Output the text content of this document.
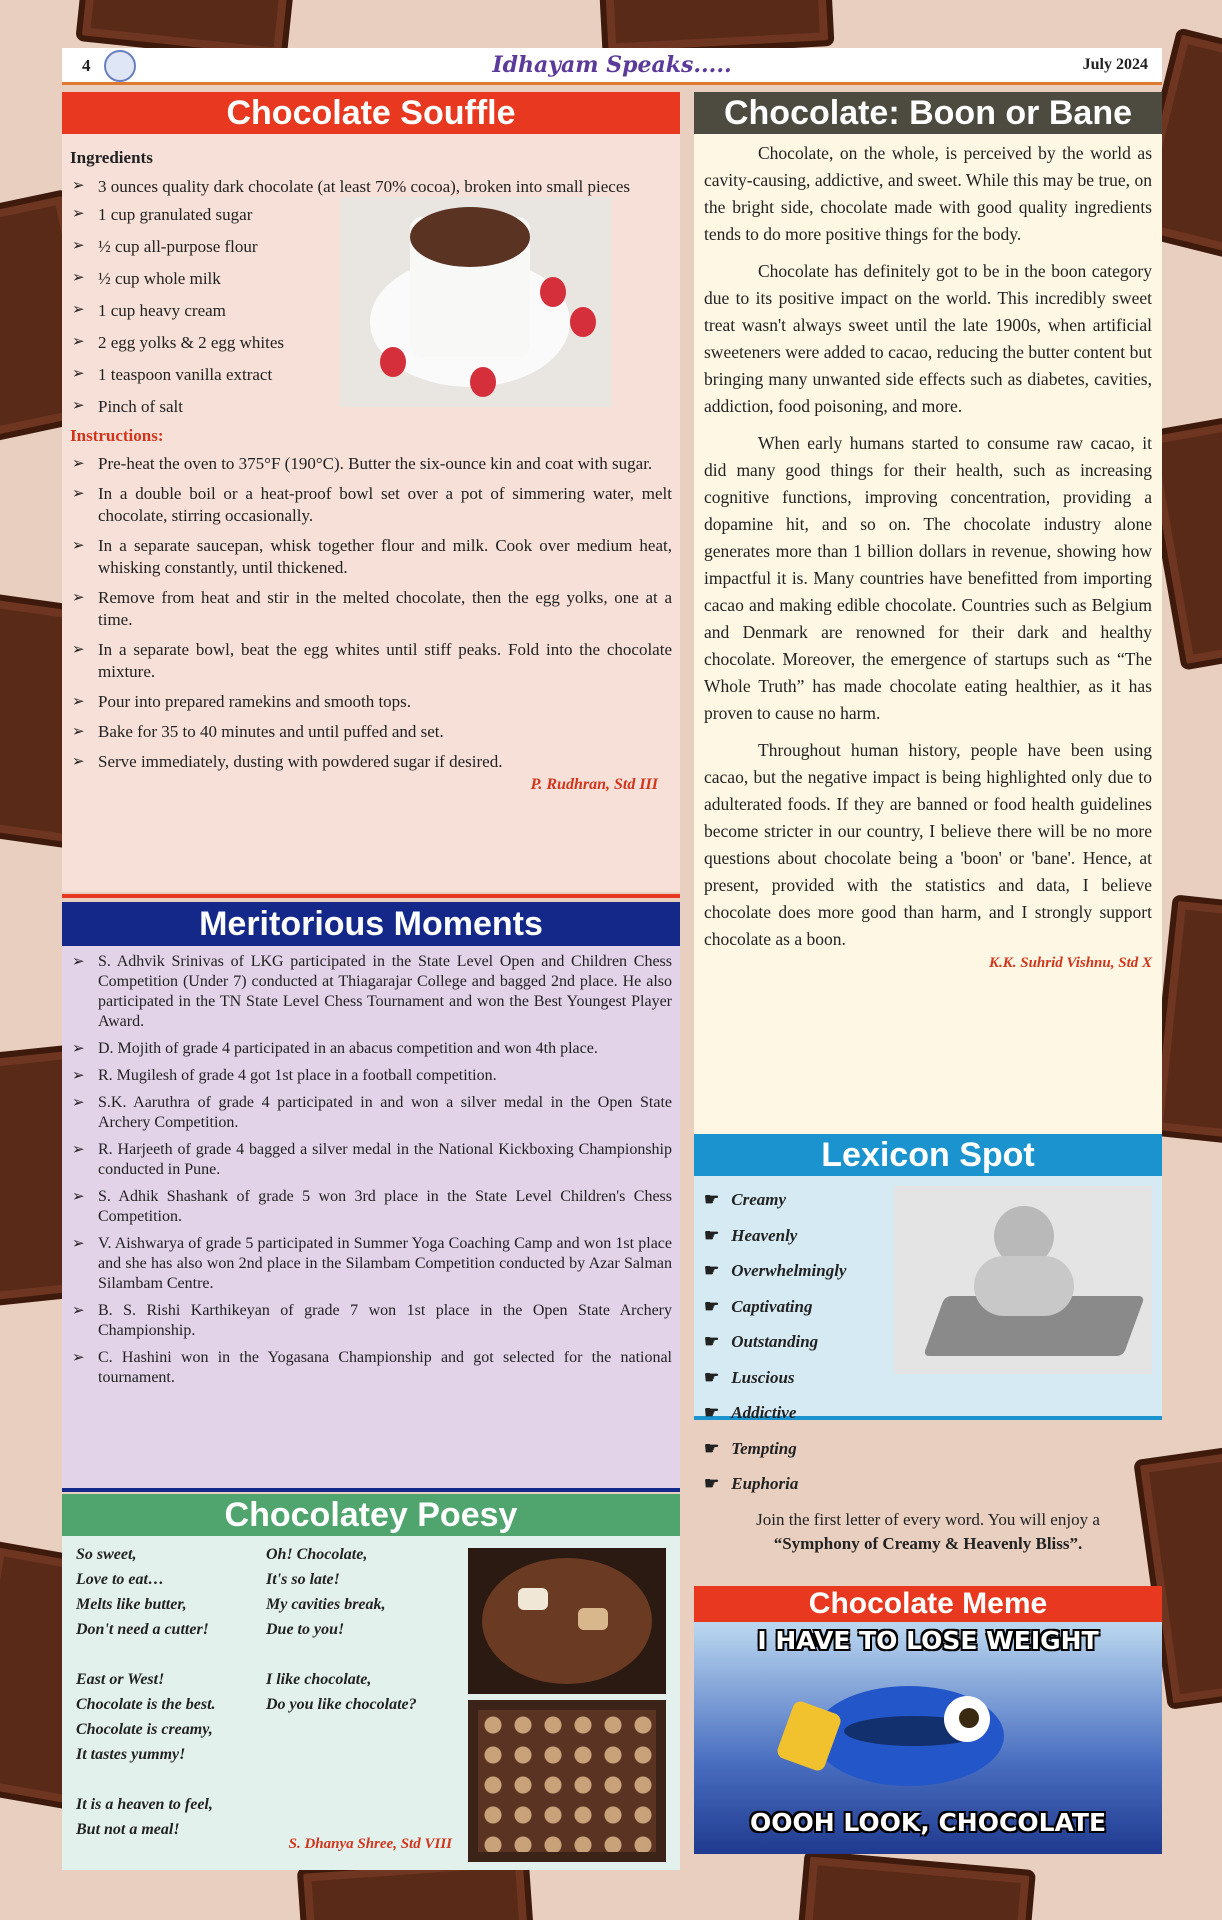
4	Idhayam Speaks.....	July 2024
Chocolate Souffle
Ingredients
➢ 3 ounces quality dark chocolate (at least 70% cocoa), broken into small pieces
➢ 1 cup granulated sugar
➢ ½ cup all-purpose flour
➢ ½ cup whole milk
➢ 1 cup heavy cream
➢ 2 egg yolks & 2 egg whites
➢ 1 teaspoon vanilla extract
➢ Pinch of salt
Instructions:
➢ Pre-heat the oven to 375°F (190°C). Butter the six-ounce kin and coat with sugar.
➢ In a double boil or a heat-proof bowl set over a pot of simmering water, melt chocolate, stirring occasionally.
➢ In a separate saucepan, whisk together flour and milk. Cook over medium heat, whisking constantly, until thickened.
➢ Remove from heat and stir in the melted chocolate, then the egg yolks, one at a time.
➢ In a separate bowl, beat the egg whites until stiff peaks. Fold into the chocolate mixture.
➢ Pour into prepared ramekins and smooth tops.
➢ Bake for 35 to 40 minutes and until puffed and set.
➢ Serve immediately, dusting with powdered sugar if desired.
P. Rudhran, Std III
Meritorious Moments
➢ S. Adhvik Srinivas of LKG participated in the State Level Open and Children Chess Competition (Under 7) conducted at Thiagarajar College and bagged 2nd place. He also participated in the TN State Level Chess Tournament and won the Best Youngest Player Award.
➢ D. Mojith of grade 4 participated in an abacus competition and won 4th place.
➢ R. Mugilesh of grade 4 got 1st place in a football competition.
➢ S.K. Aaruthra of grade 4 participated in and won a silver medal in the Open State Archery Competition.
➢ R. Harjeeth of grade 4 bagged a silver medal in the National Kickboxing Championship conducted in Pune.
➢ S. Adhik Shashank of grade 5 won 3rd place in the State Level Children's Chess Competition.
➢ V. Aishwarya of grade 5 participated in Summer Yoga Coaching Camp and won 1st place and she has also won 2nd place in the Silambam Competition conducted by Azar Salman Silambam Centre.
➢ B. S. Rishi Karthikeyan of grade 7 won 1st place in the Open State Archery Championship.
➢ C. Hashini won in the Yogasana Championship and got selected for the national tournament.
Chocolatey Poesy
So sweet,
Love to eat…
Melts like butter,
Don't need a cutter!
East or West!
Chocolate is the best.
Chocolate is creamy,
It tastes yummy!
It is a heaven to feel,
But not a meal!
Oh! Chocolate,
It's so late!
My cavities break,
Due to you!
I like chocolate,
Do you like chocolate?
S. Dhanya Shree, Std VIII
Chocolate: Boon or Bane

Chocolate, on the whole, is perceived by the world as cavity-causing, addictive, and sweet. While this may be true, on the bright side, chocolate made with good quality ingredients tends to do more positive things for the body.

Chocolate has definitely got to be in the boon category due to its positive impact on the world. This incredibly sweet treat wasn't always sweet until the late 1900s, when artificial sweeteners were added to cacao, reducing the butter content but bringing many unwanted side effects such as diabetes, cavities, addiction, food poisoning, and more.

When early humans started to consume raw cacao, it did many good things for their health, such as increasing cognitive functions, improving concentration, providing a dopamine hit, and so on. The chocolate industry alone generates more than 1 billion dollars in revenue, showing how impactful it is. Many countries have benefitted from importing cacao and making edible chocolate. Countries such as Belgium and Denmark are renowned for their dark and healthy chocolate. Moreover, the emergence of startups such as “The Whole Truth” has made chocolate eating healthier, as it has proven to cause no harm.

Throughout human history, people have been using cacao, but the negative impact is being highlighted only due to adulterated foods. If they are banned or food health guidelines become stricter in our country, I believe there will be no more questions about chocolate being a 'boon' or 'bane'. Hence, at present, provided with the statistics and data, I believe chocolate does more good than harm, and I strongly support chocolate as a boon.

K.K. Suhrid Vishnu, Std X
Lexicon Spot
☛ Creamy
☛ Heavenly
☛ Overwhelmingly
☛ Captivating
☛ Outstanding
☛ Luscious
☛ Addictive
☛ Tempting
☛ Euphoria
Chocolate Meme
I HAVE TO LOSE WEIGHT
OOOH LOOK, CHOCOLATE
Join the first letter of every word. You will enjoy a
“Symphony of Creamy & Heavenly Bliss”.
